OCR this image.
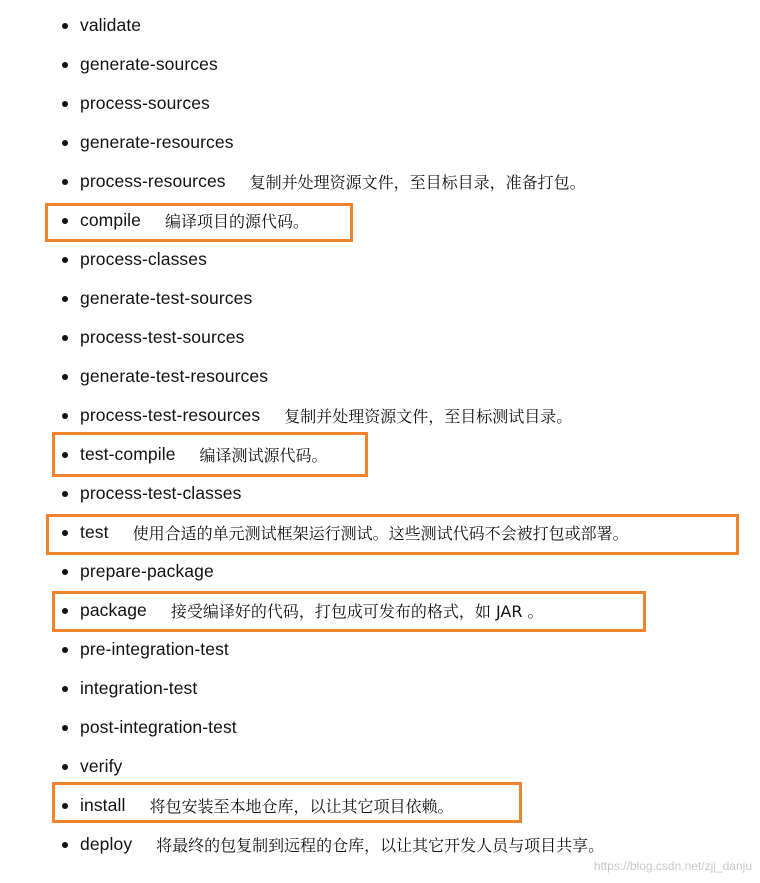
validate
generate-sources
process-sources
generate-resources
process-resources 复制并处理资源文件，至目标目录，准备打包。
compile 编译项目的源代码。
process-classes
generate-test-sources
process-test-sources
generate-test-resources
process-test-resources 复制并处理资源文件，至目标测试目录。
test-compile 编译测试源代码。
process-test-classes
test 使用合适的单元测试框架运行测试。这些测试代码不会被打包或部署。
prepare-package
package 接受编译好的代码，打包成可发布的格式，如 JAR 。
pre-integration-test
integration-test
post-integration-test
verify
install 将包安装至本地仓库，以让其它项目依赖。
deploy 将最终的包复制到远程的仓库，以让其它开发人员与项目共享。
https://blog.csdn.net/zjj_danju
